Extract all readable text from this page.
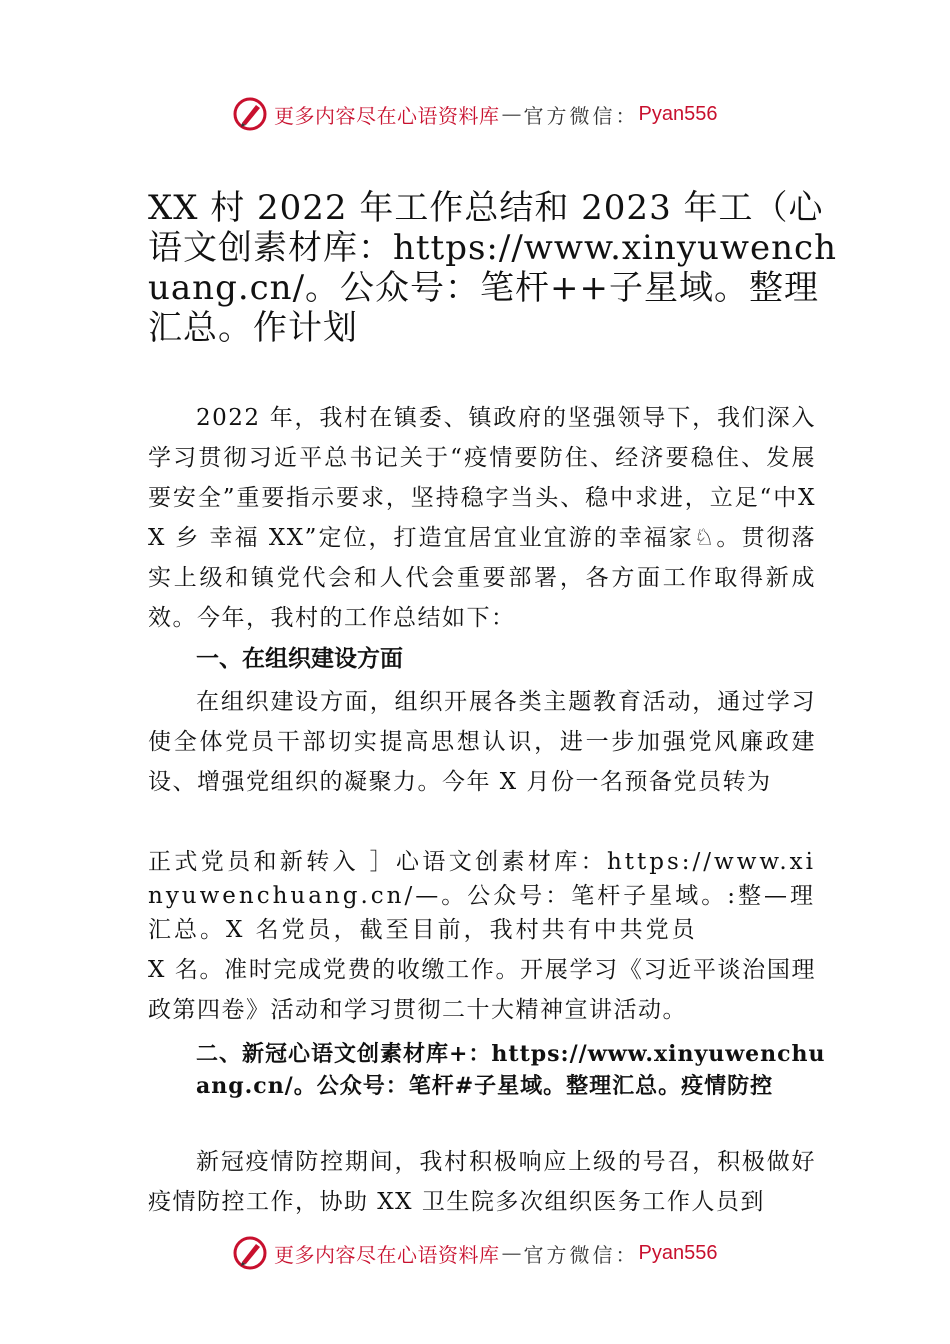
更多内容尽在心语资料库 — 官方微信： Pyan556
XX 村 2022 年工作总结和 2023 年工（心语文创素材库：https://www.xinyuwenchuang.cn/。公众号：笔杆++子星域。整理汇总。作计划

2022 年，我村在镇委、镇政府的坚强领导下，我们深入学习贯彻习近平总书记关于“疫情要防住、经济要稳住、发展要安全”重要指示要求，坚持稳字当头、稳中求进，立足“中XX 乡 幸福 XX”定位，打造宜居宜业宜游的幸福家♘。贯彻落实上级和镇党代会和人代会重要部署，各方面工作取得新成效。今年，我村的工作总结如下：

一、在组织建设方面

在组织建设方面，组织开展各类主题教育活动，通过学习使全体党员干部切实提高思想认识，进一步加强党风廉政建设、增强党组织的凝聚力。今年 X 月份一名预备党员转为

正式党员和新转入 ］心语文创素材库：https://www.xinyuwenchuang.cn/—。公众号：笔杆子星域。:整—理汇总。X 名党员，截至目前，我村共有中共党员

X 名。准时完成党费的收缴工作。开展学习《习近平谈治国理政第四卷》活动和学习贯彻二十大精神宣讲活动。

二、新冠心语文创素材库+：https://www.xinyuwenchuang.cn/。公众号：笔杆#子星域。整理汇总。疫情防控

新冠疫情防控期间，我村积极响应上级的号召，积极做好疫情防控工作，协助 XX 卫生院多次组织医务工作人员到

更多内容尽在心语资料库 — 官方微信： Pyan556
